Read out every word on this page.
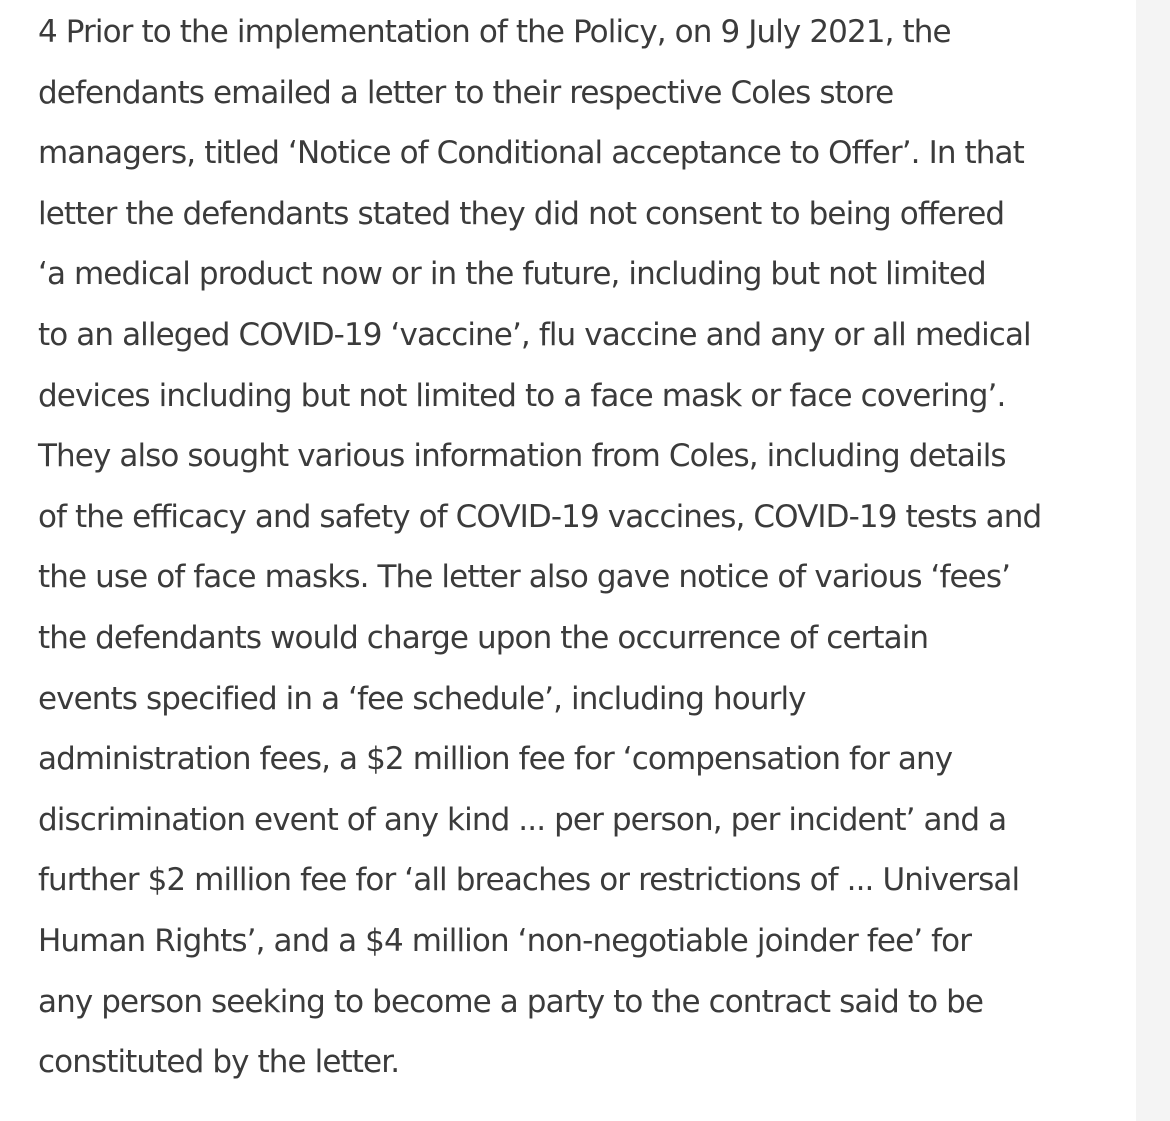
4 Prior to the implementation of the Policy, on 9 July 2021, the
defendants emailed a letter to their respective Coles store
managers, titled ‘Notice of Conditional acceptance to Offer’. In that
letter the defendants stated they did not consent to being offered
‘a medical product now or in the future, including but not limited
to an alleged COVID-19 ‘vaccine’, flu vaccine and any or all medical
devices including but not limited to a face mask or face covering’.
They also sought various information from Coles, including details
of the efficacy and safety of COVID-19 vaccines, COVID-19 tests and
the use of face masks. The letter also gave notice of various ‘fees’
the defendants would charge upon the occurrence of certain
events specified in a ‘fee schedule’, including hourly
administration fees, a $2 million fee for ‘compensation for any
discrimination event of any kind ... per person, per incident’ and a
further $2 million fee for ‘all breaches or restrictions of ... Universal
Human Rights’, and a $4 million ‘non-negotiable joinder fee’ for
any person seeking to become a party to the contract said to be
constituted by the letter.
